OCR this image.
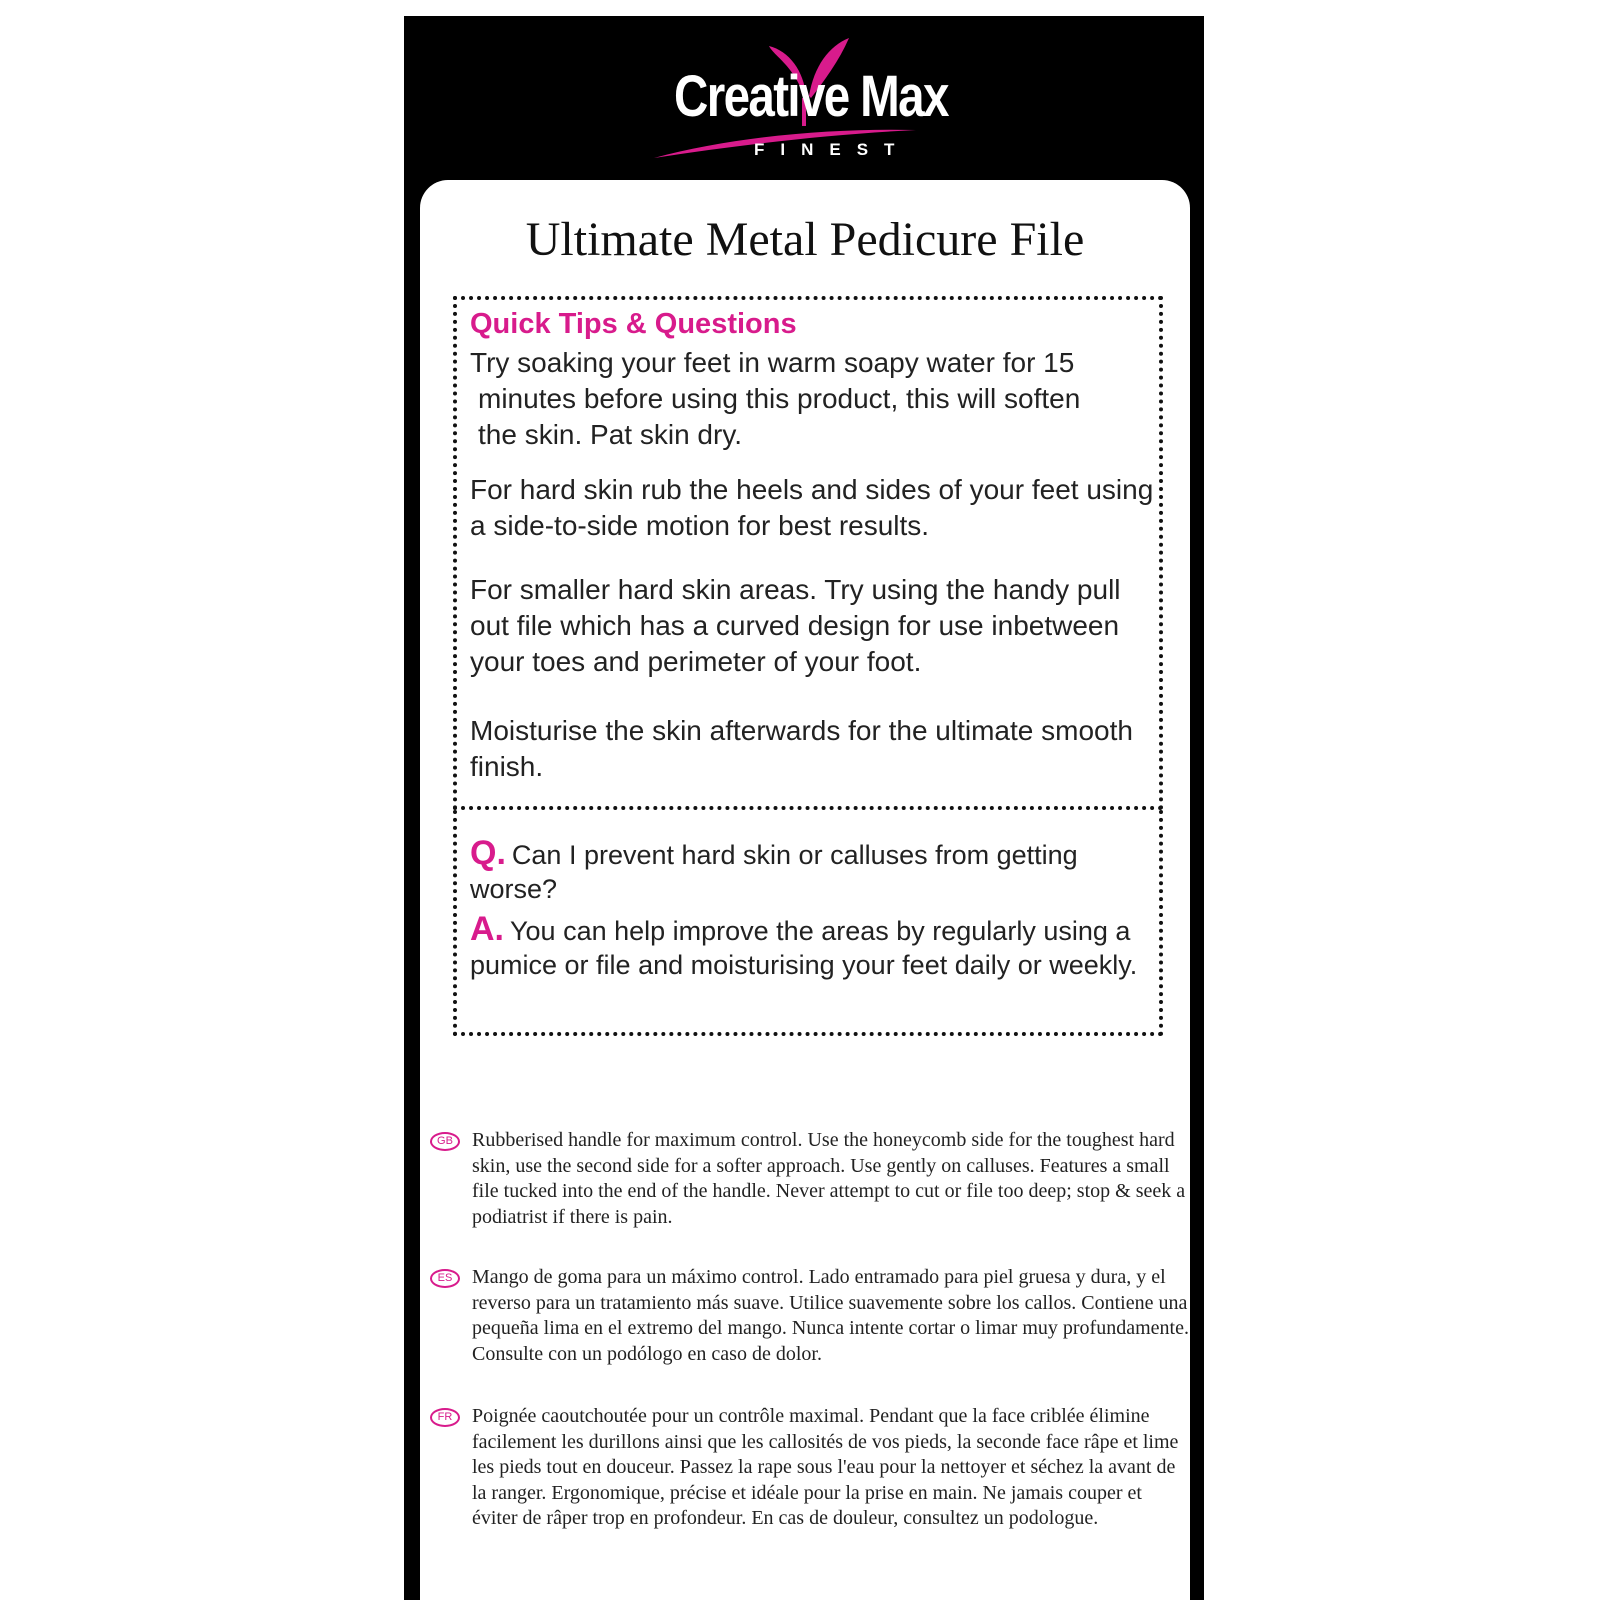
Creative Max
FINEST
Ultimate Metal Pedicure File
Quick Tips & Questions
Try soaking your feet in warm soapy water for 15
minutes before using this product, this will soften
the skin. Pat skin dry.
For hard skin rub the heels and sides of your feet using a side-to-side motion for best results.
For smaller hard skin areas. Try using the handy pull out file which has a curved design for use inbetween your toes and perimeter of your foot.
Moisturise the skin afterwards for the ultimate smooth finish.
Q. Can I prevent hard skin or calluses from getting worse?
A. You can help improve the areas by regularly using a pumice or file and moisturising your feet daily or weekly.
GB Rubberised handle for maximum control. Use the honeycomb side for the toughest hard skin, use the second side for a softer approach. Use gently on calluses. Features a small file tucked into the end of the handle. Never attempt to cut or file too deep; stop & seek a podiatrist if there is pain.
ES Mango de goma para un máximo control. Lado entramado para piel gruesa y dura, y el reverso para un tratamiento más suave. Utilice suavemente sobre los callos. Contiene una pequeña lima en el extremo del mango. Nunca intente cortar o limar muy profundamente. Consulte con un podólogo en caso de dolor.
FR Poignée caoutchoutée pour un contrôle maximal. Pendant que la face criblée élimine facilement les durillons ainsi que les callosités de vos pieds, la seconde face râpe et lime les pieds tout en douceur. Passez la rape sous l'eau pour la nettoyer et séchez la avant de la ranger. Ergonomique, précise et idéale pour la prise en main. Ne jamais couper et éviter de râper trop en profondeur. En cas de douleur, consultez un podologue.
